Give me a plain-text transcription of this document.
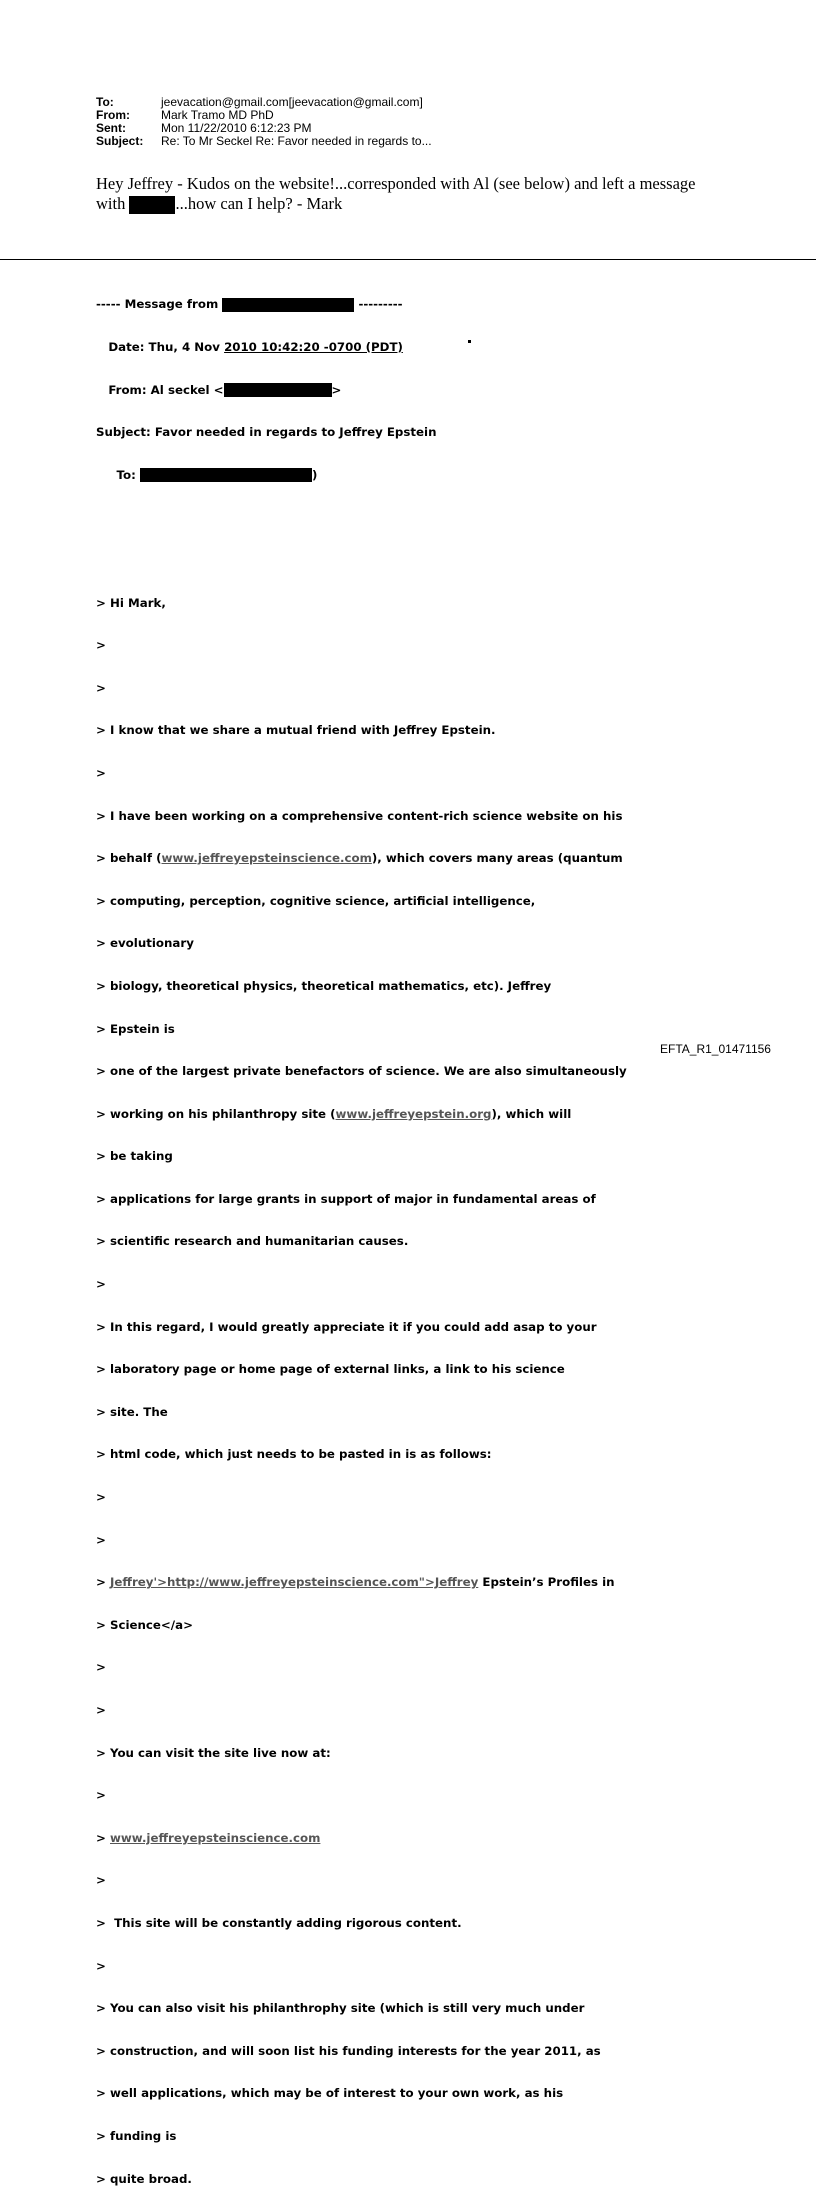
To:	jeevacation@gmail.com[jeevacation@gmail.com]
From:	Mark Tramo MD PhD
Sent:	Mon 11/22/2010 6:12:23 PM
Subject:	Re: To Mr Seckel Re: Favor needed in regards to...
Hey Jeffrey - Kudos on the website!...corresponded with Al (see below) and left a message with	...how can I help? - Mark

----- Message from	---------

Date: Thu, 4 Nov 2010 10:42:20 -0700 (PDT)

From: Al seckel <	>

Subject: Favor needed in regards to Jeffrey Epstein

To:	)

> Hi Mark,

>

>

> I know that we share a mutual friend with Jeffrey Epstein.

>

> I have been working on a comprehensive content-rich science website on his

> behalf (www.jeffreyepsteinscience.com), which covers many areas (quantum

> computing, perception, cognitive science, artificial intelligence,

> evolutionary

> biology, theoretical physics, theoretical mathematics, etc). Jeffrey

> Epstein is

> one of the largest private benefactors of science. We are also simultaneously

> working on his philanthropy site (www.jeffreyepstein.org), which will

> be taking

> applications for large grants in support of major in fundamental areas of

> scientific research and humanitarian causes.

>

> In this regard, I would greatly appreciate it if you could add asap to your

> laboratory page or home page of external links, a link to his science

> site. The

> html code, which just needs to be pasted in is as follows:

>

>

> Jeffrey'>http://www.jeffreyepsteinscience.com">Jeffrey Epstein’s Profiles in

> Science</a>

>

>

> You can visit the site live now at:

>

> www.jeffreyepsteinscience.com

>

>  This site will be constantly adding rigorous content.

>

> You can also visit his philanthrophy site (which is still very much under

> construction, and will soon list his funding interests for the year 2011, as

> well applications, which may be of interest to your own work, as his

> funding is

> quite broad.

EFTA_R1_01471156
